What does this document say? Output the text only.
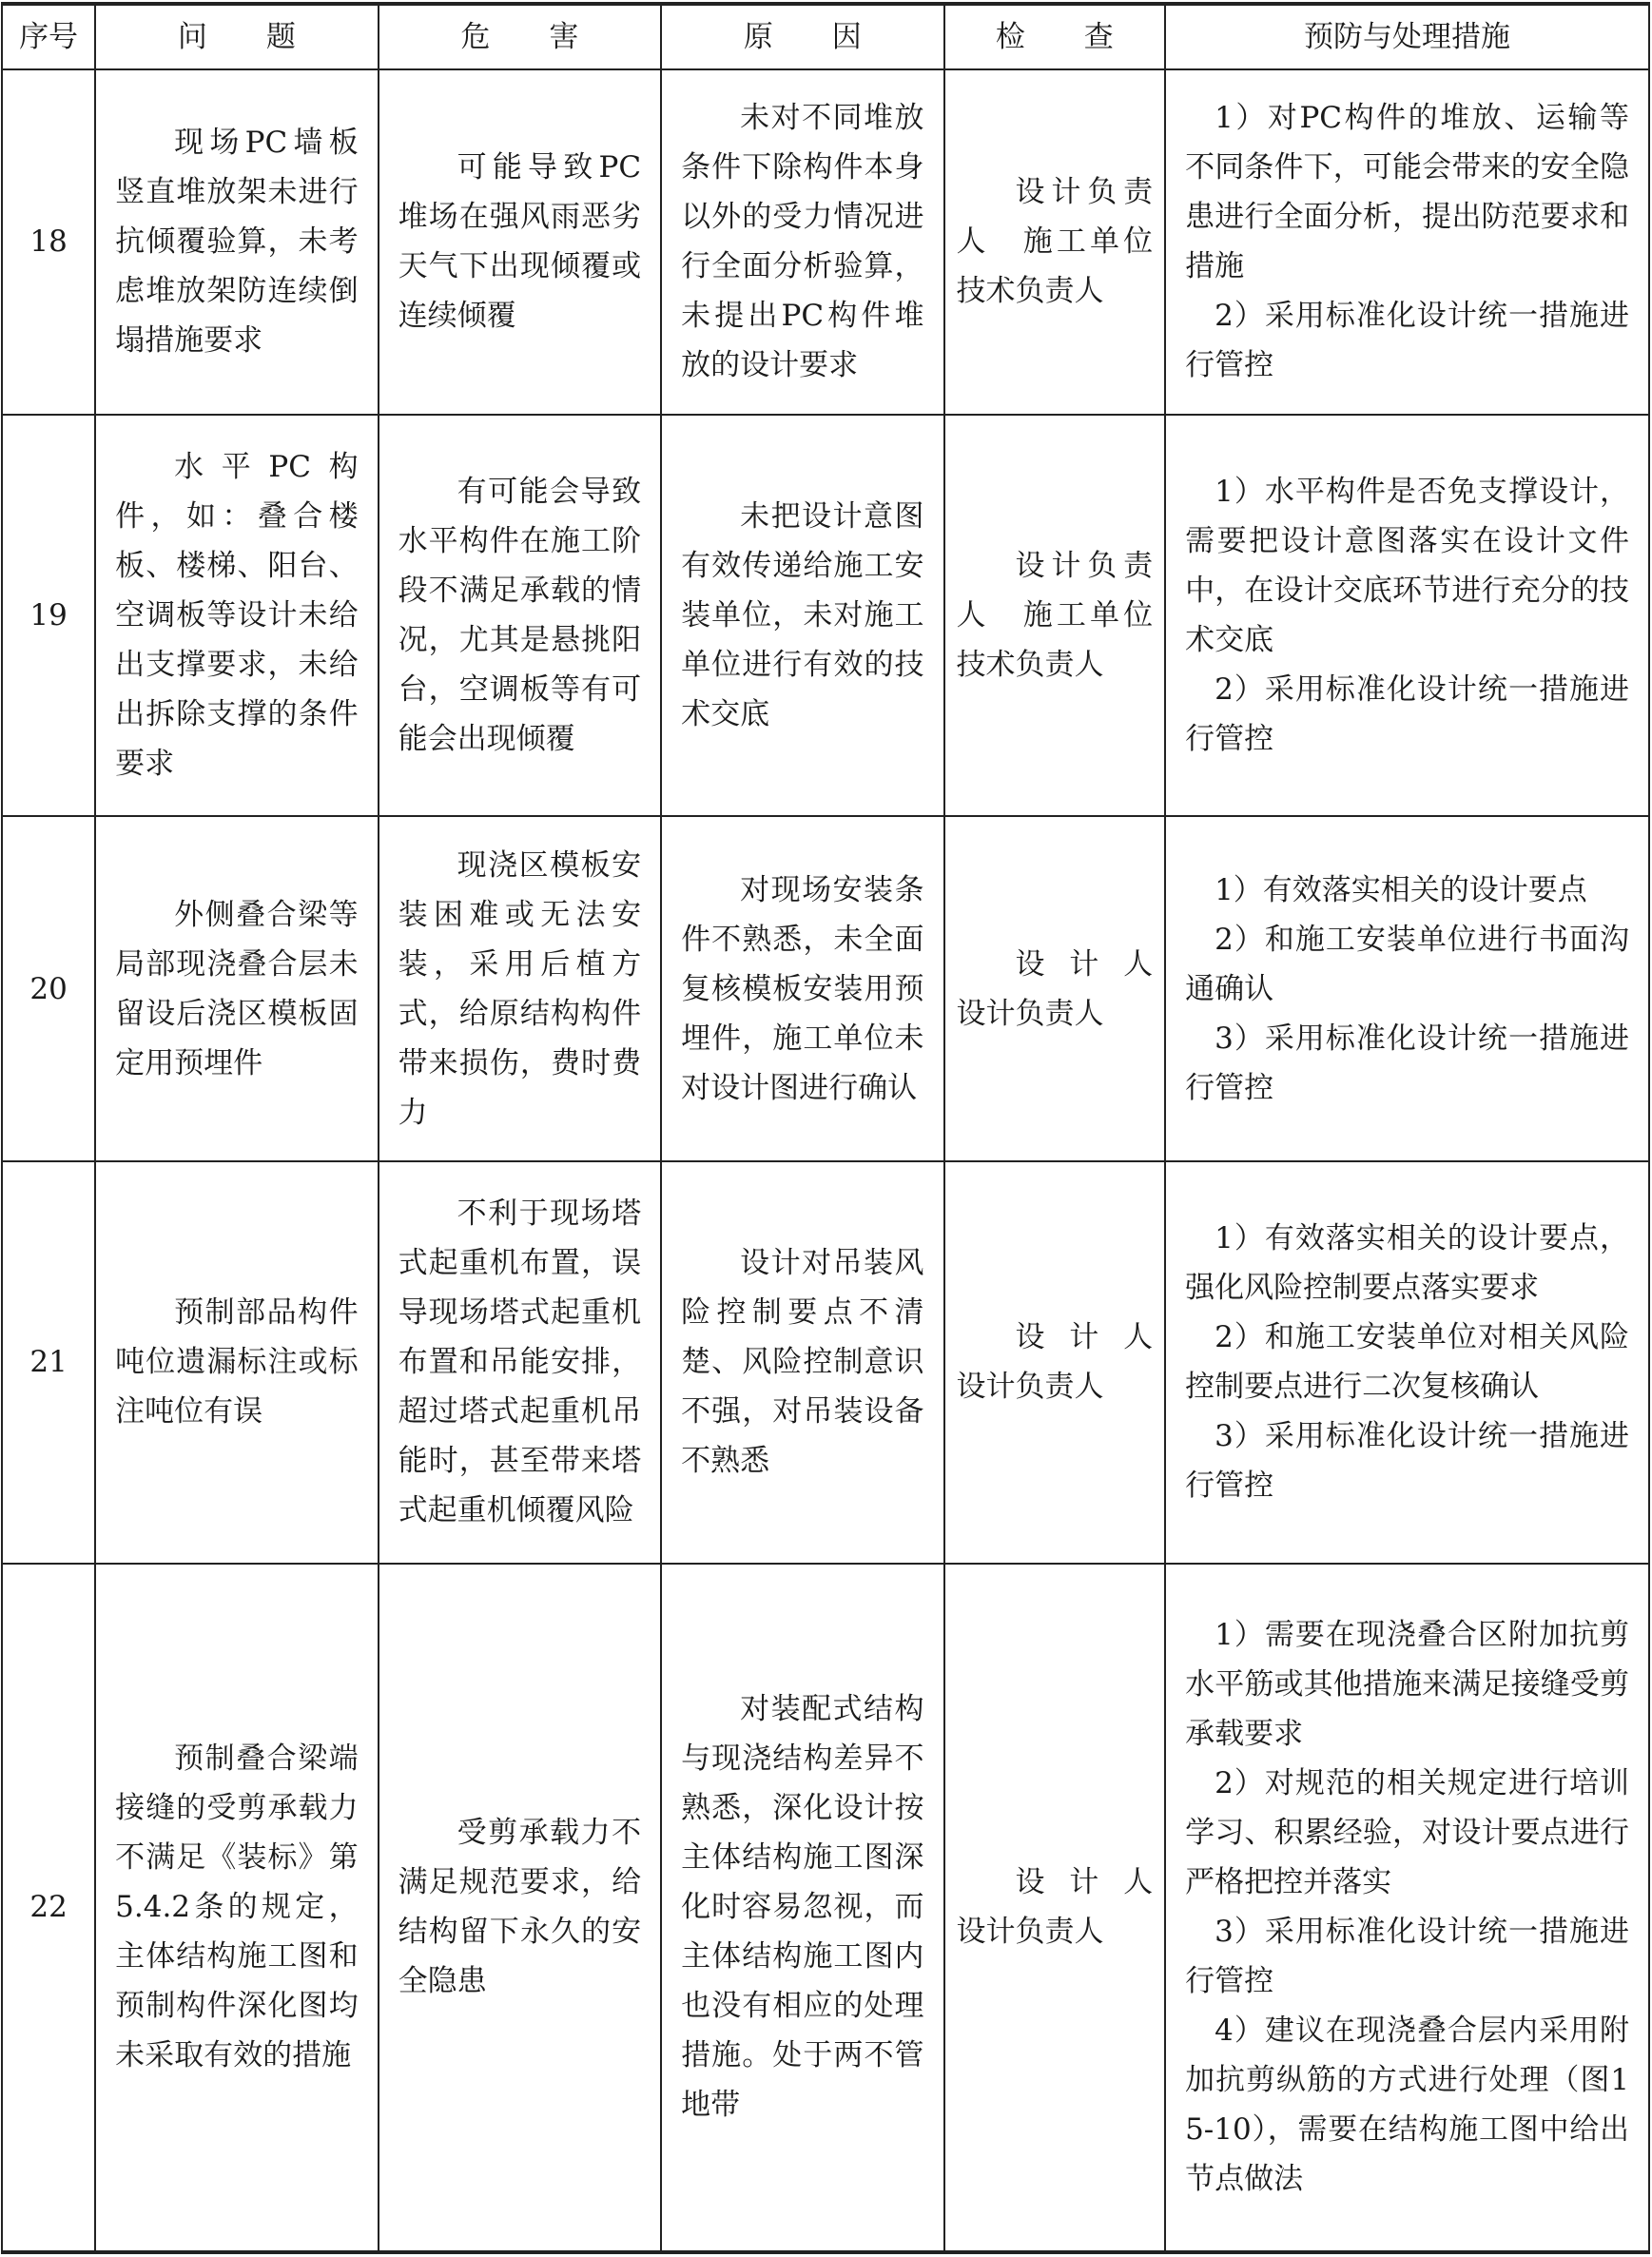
序号	问　　题	危　　害	原　　因	检　　查	预防与处理措施
18	现场PC墙板竖直堆放架未进行抗倾覆验算，未考虑堆放架防连续倒塌措施要求	可能导致PC堆场在强风雨恶劣天气下出现倾覆或连续倾覆	未对不同堆放条件下除构件本身以外的受力情况进行全面分析验算，未提出PC构件堆放的设计要求	设计负责人　施工单位技术负责人	1）对PC构件的堆放、运输等不同条件下，可能会带来的安全隐患进行全面分析，提出防范要求和措施
2）采用标准化设计统一措施进行管控

19	水平PC构件，如：叠合楼板、楼梯、阳台、空调板等设计未给出支撑要求，未给出拆除支撑的条件要求	有可能会导致水平构件在施工阶段不满足承载的情况，尤其是悬挑阳台，空调板等有可能会出现倾覆	未把设计意图有效传递给施工安装单位，未对施工单位进行有效的技术交底	设计负责人　施工单位技术负责人	1）水平构件是否免支撑设计，需要把设计意图落实在设计文件中，在设计交底环节进行充分的技术交底
2）采用标准化设计统一措施进行管控

20	外侧叠合梁等局部现浇叠合层未留设后浇区模板固定用预埋件	现浇区模板安装困难或无法安装，采用后植方式，给原结构构件带来损伤，费时费力	对现场安装条件不熟悉，未全面复核模板安装用预埋件，施工单位未对设计图进行确认	设计人　设计负责人	1）有效落实相关的设计要点
2）和施工安装单位进行书面沟通确认
3）采用标准化设计统一措施进行管控

21	预制部品构件吨位遗漏标注或标注吨位有误	不利于现场塔式起重机布置，误导现场塔式起重机布置和吊能安排，超过塔式起重机吊能时，甚至带来塔式起重机倾覆风险	设计对吊装风险控制要点不清楚、风险控制意识不强，对吊装设备不熟悉	设计人　设计负责人	1）有效落实相关的设计要点，强化风险控制要点落实要求
2）和施工安装单位对相关风险控制要点进行二次复核确认
3）采用标准化设计统一措施进行管控

22	预制叠合梁端接缝的受剪承载力不满足《装标》第5.4.2条的规定，主体结构施工图和预制构件深化图均未采取有效的措施	受剪承载力不满足规范要求，给结构留下永久的安全隐患	对装配式结构与现浇结构差异不熟悉，深化设计按主体结构施工图深化时容易忽视，而主体结构施工图内也没有相应的处理措施。处于两不管地带	设计人　设计负责人	1）需要在现浇叠合区附加抗剪水平筋或其他措施来满足接缝受剪承载要求
2）对规范的相关规定进行培训学习、积累经验，对设计要点进行严格把控并落实
3）采用标准化设计统一措施进行管控
4）建议在现浇叠合层内采用附加抗剪纵筋的方式进行处理（图15-10），需要在结构施工图中给出节点做法
